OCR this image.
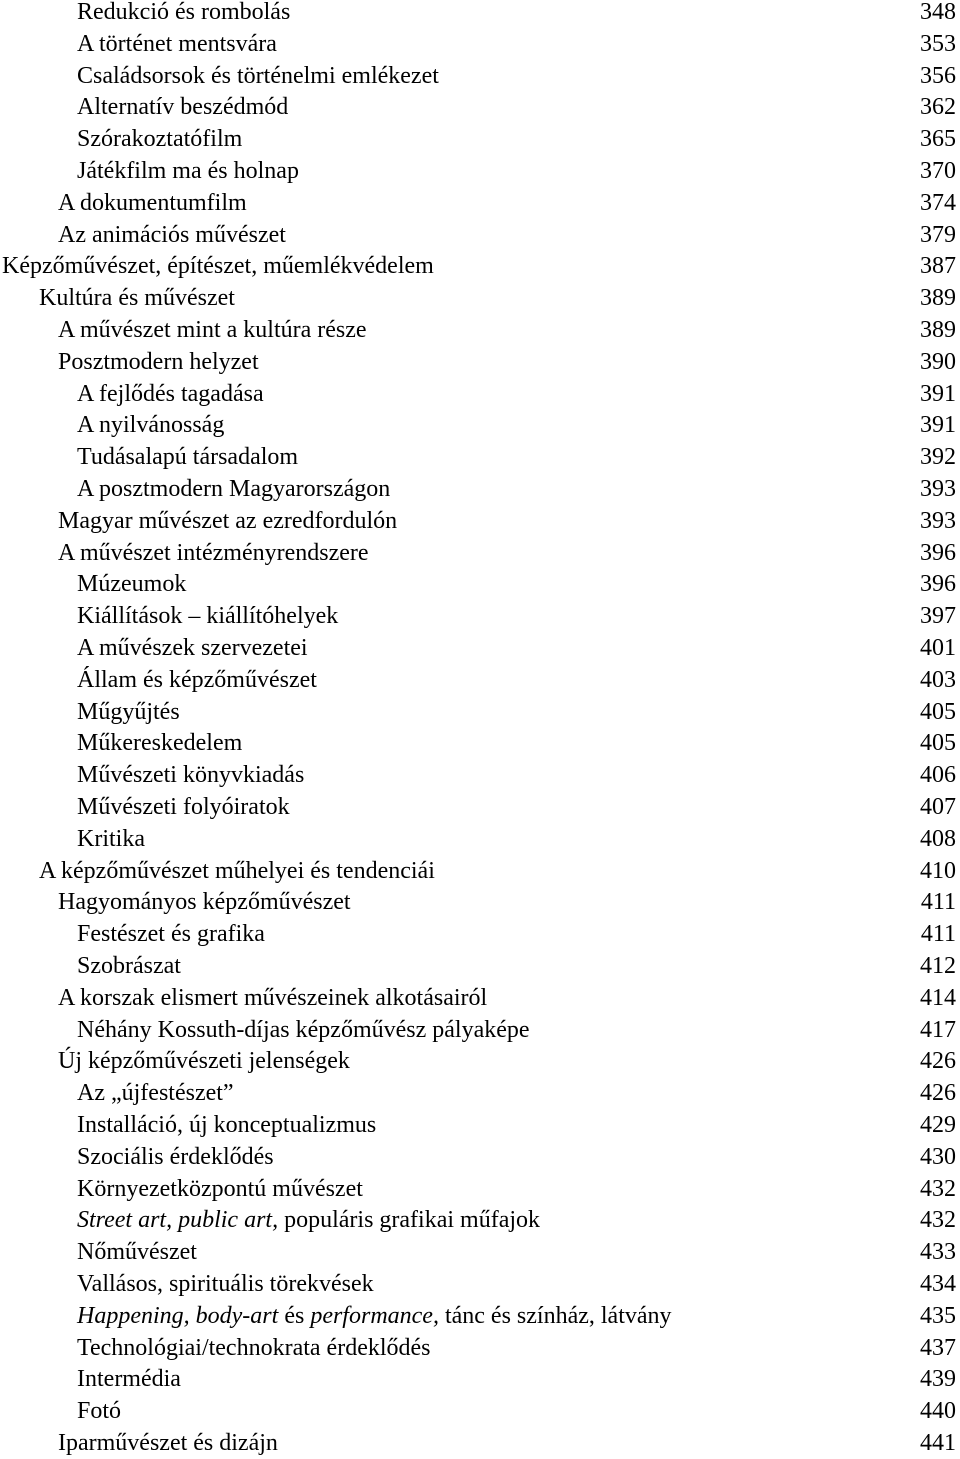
Redukció és rombolás	348
A történet mentsvára	353
Családsorsok és történelmi emlékezet	356
Alternatív beszédmód	362
Szórakoztatófilm	365
Játékfilm ma és holnap	370
A dokumentumfilm	374
Az animációs művészet	379
Képzőművészet, építészet, műemlékvédelem	387
Kultúra és művészet	389
A művészet mint a kultúra része	389
Posztmodern helyzet	390
A fejlődés tagadása	391
A nyilvánosság	391
Tudásalapú társadalom	392
A posztmodern Magyarországon	393
Magyar művészet az ezredfordulón	393
A művészet intézményrendszere	396
Múzeumok	396
Kiállítások – kiállítóhelyek	397
A művészek szervezetei	401
Állam és képzőművészet	403
Műgyűjtés	405
Műkereskedelem	405
Művészeti könyvkiadás	406
Művészeti folyóiratok	407
Kritika	408
A képzőművészet műhelyei és tendenciái	410
Hagyományos képzőművészet	411
Festészet és grafika	411
Szobrászat	412
A korszak elismert művészeinek alkotásairól	414
Néhány Kossuth-díjas képzőművész pályaképe	417
Új képzőművészeti jelenségek	426
Az „újfestészet”	426
Installáció, új konceptualizmus	429
Szociális érdeklődés	430
Környezetközpontú művészet	432
Street art, public art, populáris grafikai műfajok	432
Nőművészet	433
Vallásos, spirituális törekvések	434
Happening, body-art és performance, tánc és színház, látvány	435
Technológiai/technokrata érdeklődés	437
Intermédia	439
Fotó	440
Iparművészet és dizájn	441
